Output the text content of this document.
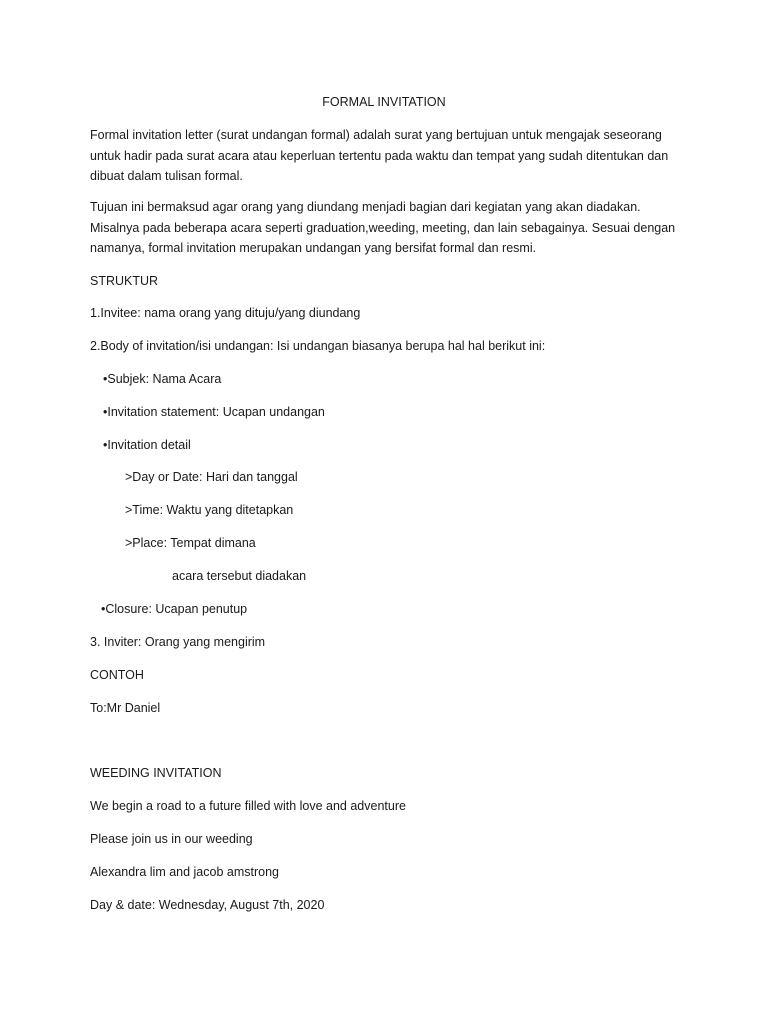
FORMAL INVITATION

Formal invitation letter (surat undangan formal) adalah surat yang bertujuan untuk mengajak seseorang untuk hadir pada surat acara atau keperluan tertentu pada waktu dan tempat yang sudah ditentukan dan dibuat dalam tulisan formal.

Tujuan ini bermaksud agar orang yang diundang menjadi bagian dari kegiatan yang akan diadakan. Misalnya pada beberapa acara seperti graduation,weeding, meeting, dan lain sebagainya. Sesuai dengan namanya, formal invitation merupakan undangan yang bersifat formal dan resmi.

STRUKTUR

1.Invitee: nama orang yang dituju/yang diundang

2.Body of invitation/isi undangan: Isi undangan biasanya berupa hal hal berikut ini:

•Subjek: Nama Acara

•Invitation statement: Ucapan undangan

•Invitation detail

>Day or Date: Hari dan tanggal

>Time: Waktu yang ditetapkan

>Place: Tempat dimana

acara tersebut diadakan

•Closure: Ucapan penutup

3. Inviter: Orang yang mengirim

CONTOH

To:Mr Daniel

WEEDING INVITATION

We begin a road to a future filled with love and adventure

Please join us in our weeding

Alexandra lim and jacob amstrong

Day & date: Wednesday, August 7th, 2020
